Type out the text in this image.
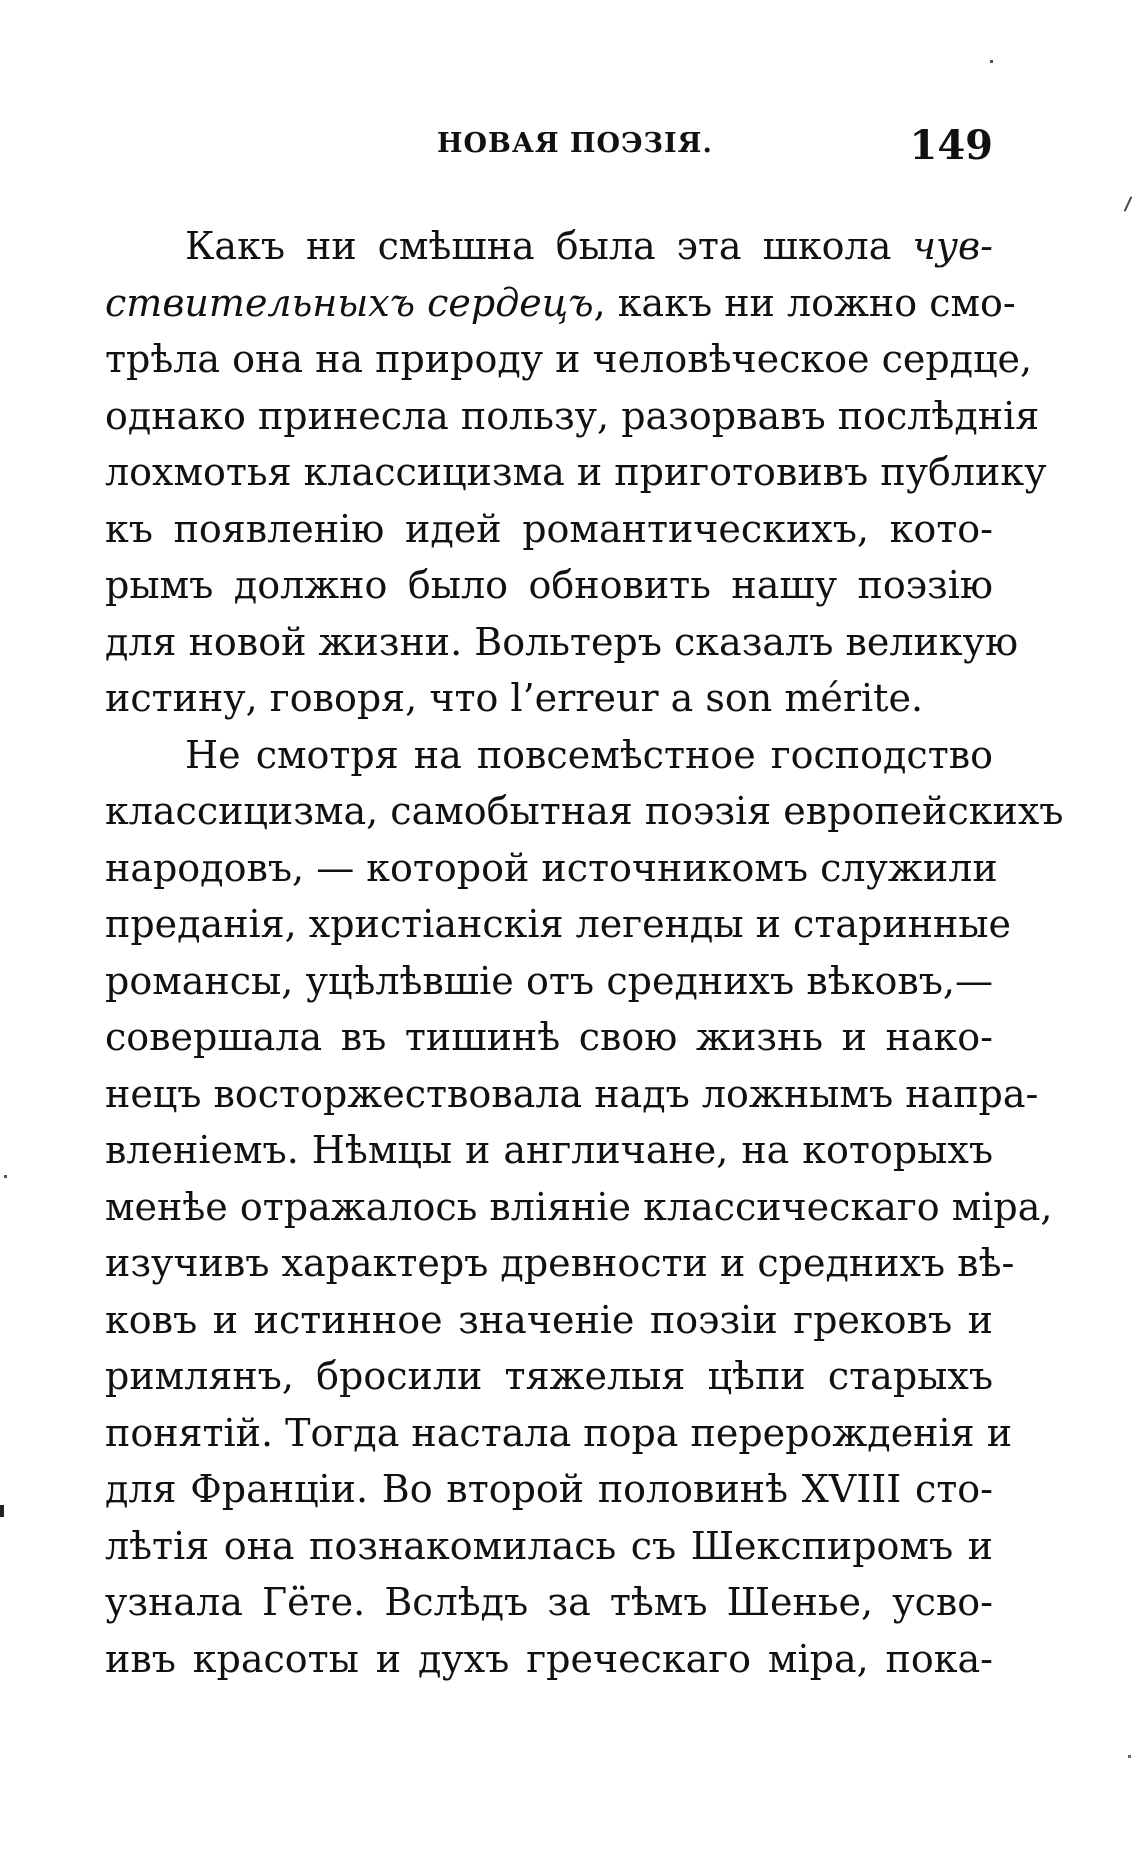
НОВАЯ ПОЭЗІЯ.	149
Какъ ни смѣшна была эта школа чув-
ствительныхъ сердецъ, какъ ни ложно смо-
трѣла она на природу и человѣческое сердце,
однако принесла пользу, разорвавъ послѣднія
лохмотья классицизма и приготовивъ публику
къ появленію идей романтическихъ, кото-
рымъ должно было обновить нашу поэзію
для новой жизни. Вольтеръ сказалъ великую
истину, говоря, что l’erreur a son mérite.
Не смотря на повсемѣстное господство
классицизма, самобытная поэзія европейскихъ
народовъ, — которой источникомъ служили
преданія, христіанскія легенды и старинные
романсы, уцѣлѣвшіе отъ среднихъ вѣковъ,—
совершала въ тишинѣ свою жизнь и нако-
нецъ восторжествовала надъ ложнымъ напра-
вленіемъ. Нѣмцы и англичане, на которыхъ
менѣе отражалось вліяніе классическаго міра,
изучивъ характеръ древности и среднихъ вѣ-
ковъ и истинное значеніе поэзіи грековъ и
римлянъ, бросили тяжелыя цѣпи старыхъ
понятій. Тогда настала пора перерожденія и
для Франціи. Во второй половинѣ XVIII сто-
лѣтія она познакомилась съ Шекспиромъ и
узнала Гёте. Вслѣдъ за тѣмъ Шенье, усво-
ивъ красоты и духъ греческаго міра, пока-
